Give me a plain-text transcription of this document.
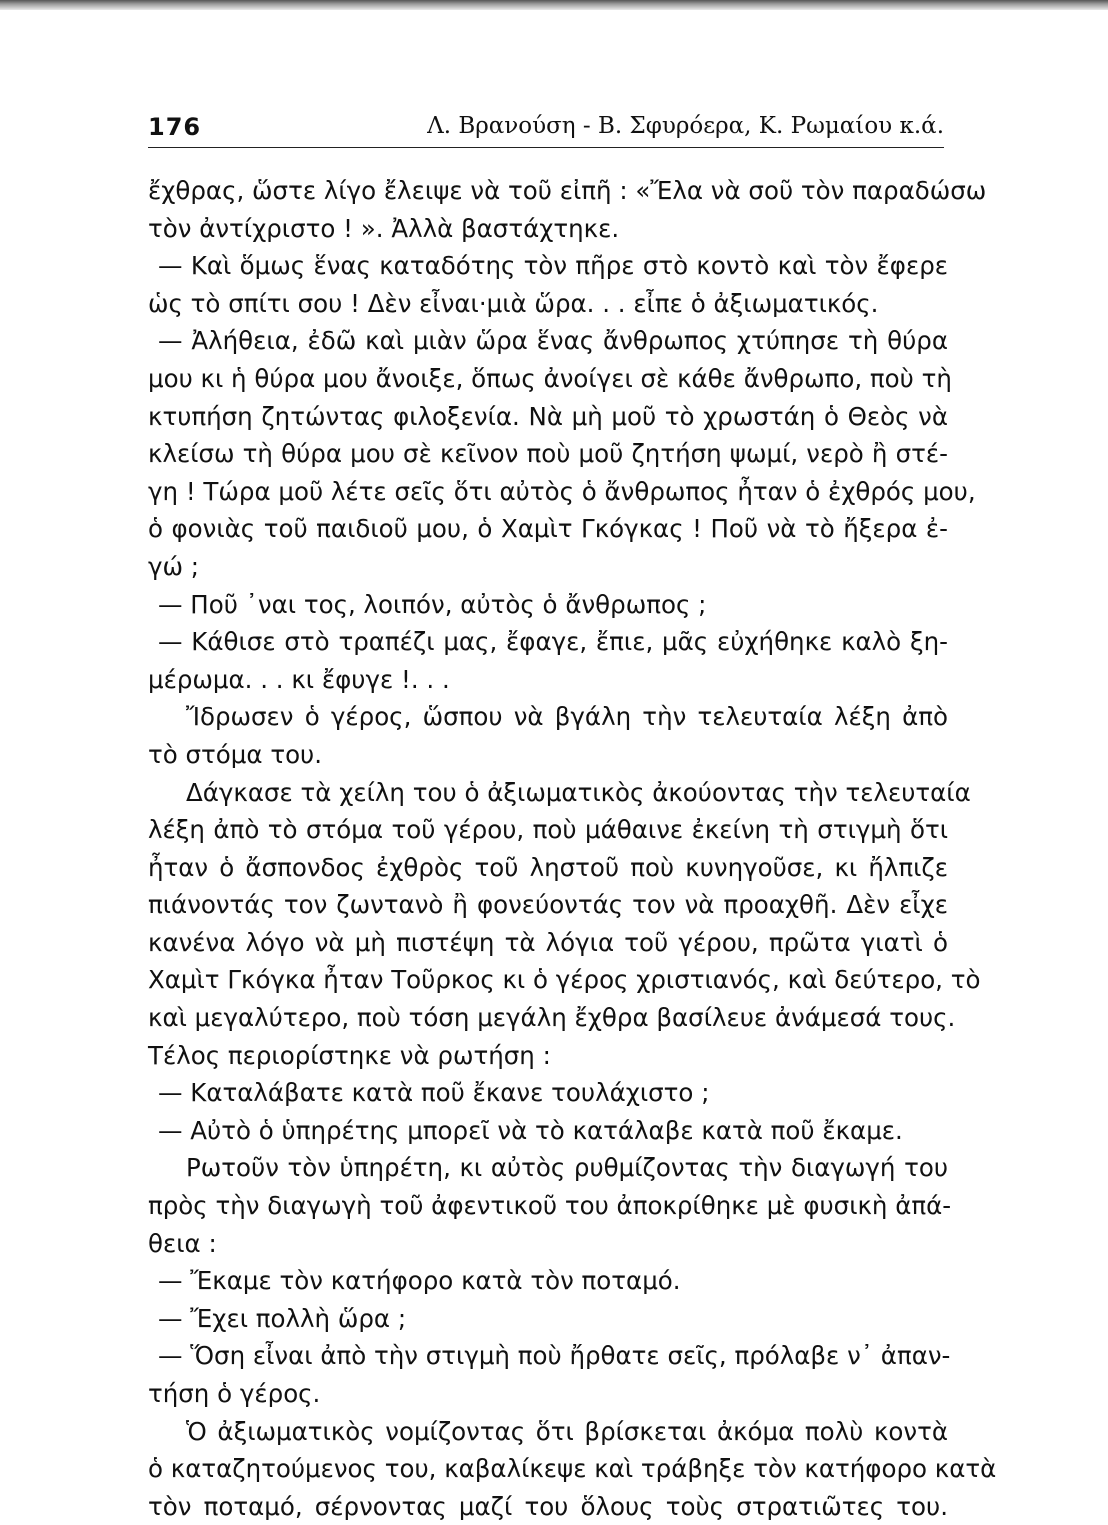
176	Λ. Βρανούση - Β. Σφυρόερα, Κ. Ρωμαίου κ.ά.
ἔχθρας, ὥστε λίγο ἔλειψε νὰ τοῦ εἰπῆ : «Ἔλα νὰ σοῦ τὸν παραδώσω
τὸν ἀντίχριστο ! ». Ἀλλὰ βαστάχτηκε.
— Καὶ ὅμως ἕνας καταδότης τὸν πῆρε στὸ κοντὸ καὶ τὸν ἔφερε
ὡς τὸ σπίτι σου ! Δὲν εἶναι·μιὰ ὥρα. . . εἶπε ὁ ἀξιωματικός.
— Ἀλήθεια, ἐδῶ καὶ μιὰν ὥρα ἕνας ἄνθρωπος χτύπησε τὴ θύρα
μου κι ἡ θύρα μου ἄνοιξε, ὅπως ἀνοίγει σὲ κάθε ἄνθρωπο, ποὺ τὴ
κτυπήση ζητώντας φιλοξενία. Νὰ μὴ μοῦ τὸ χρωστάη ὁ Θεὸς νὰ
κλείσω τὴ θύρα μου σὲ κεῖνον ποὺ μοῦ ζητήση ψωμί, νερὸ ἢ στέ-
γη ! Τώρα μοῦ λέτε σεῖς ὅτι αὐτὸς ὁ ἄνθρωπος ἦταν ὁ ἐχθρός μου,
ὁ φονιὰς τοῦ παιδιοῦ μου, ὁ Χαμὶτ Γκόγκας ! Ποῦ νὰ τὸ ἤξερα ἐ-
γώ ;
— Ποῦ ᾽ναι τος, λοιπόν, αὐτὸς ὁ ἄνθρωπος ;
— Κάθισε στὸ τραπέζι μας, ἔφαγε, ἔπιε, μᾶς εὐχήθηκε καλὸ ξη-
μέρωμα. . . κι ἔφυγε !. . .
Ἴδρωσεν ὁ γέρος, ὥσπου νὰ βγάλη τὴν τελευταία λέξη ἀπὸ
τὸ στόμα του.
Δάγκασε τὰ χείλη του ὁ ἀξιωματικὸς ἀκούοντας τὴν τελευταία
λέξη ἀπὸ τὸ στόμα τοῦ γέρου, ποὺ μάθαινε ἐκείνη τὴ στιγμὴ ὅτι
ἦταν ὁ ἄσπονδος ἐχθρὸς τοῦ ληστοῦ ποὺ κυνηγοῦσε, κι ἤλπιζε
πιάνοντάς τον ζωντανὸ ἢ φονεύοντάς τον νὰ προαχθῆ. Δὲν εἶχε
κανένα λόγο νὰ μὴ πιστέψη τὰ λόγια τοῦ γέρου, πρῶτα γιατὶ ὁ
Χαμὶτ Γκόγκα ἦταν Τοῦρκος κι ὁ γέρος χριστιανός, καὶ δεύτερο, τὸ
καὶ μεγαλύτερο, ποὺ τόση μεγάλη ἔχθρα βασίλευε ἀνάμεσά τους.
Τέλος περιορίστηκε νὰ ρωτήση :
— Καταλάβατε κατὰ ποῦ ἔκανε τουλάχιστο ;
— Αὐτὸ ὁ ὑπηρέτης μπορεῖ νὰ τὸ κατάλαβε κατὰ ποῦ ἔκαμε.
Ρωτοῦν τὸν ὑπηρέτη, κι αὐτὸς ρυθμίζοντας τὴν διαγωγή του
πρὸς τὴν διαγωγὴ τοῦ ἀφεντικοῦ του ἀποκρίθηκε μὲ φυσικὴ ἀπά-
θεια :
— Ἔκαμε τὸν κατήφορο κατὰ τὸν ποταμό.
— Ἔχει πολλὴ ὥρα ;
— Ὅση εἶναι ἀπὸ τὴν στιγμὴ ποὺ ἤρθατε σεῖς, πρόλαβε ν᾽ ἀπαν-
τήση ὁ γέρος.
Ὁ ἀξιωματικὸς νομίζοντας ὅτι βρίσκεται ἀκόμα πολὺ κοντὰ
ὁ καταζητούμενος του, καβαλίκεψε καὶ τράβηξε τὸν κατήφορο κατὰ
τὸν ποταμό, σέρνοντας μαζί του ὅλους τοὺς στρατιῶτες του.
